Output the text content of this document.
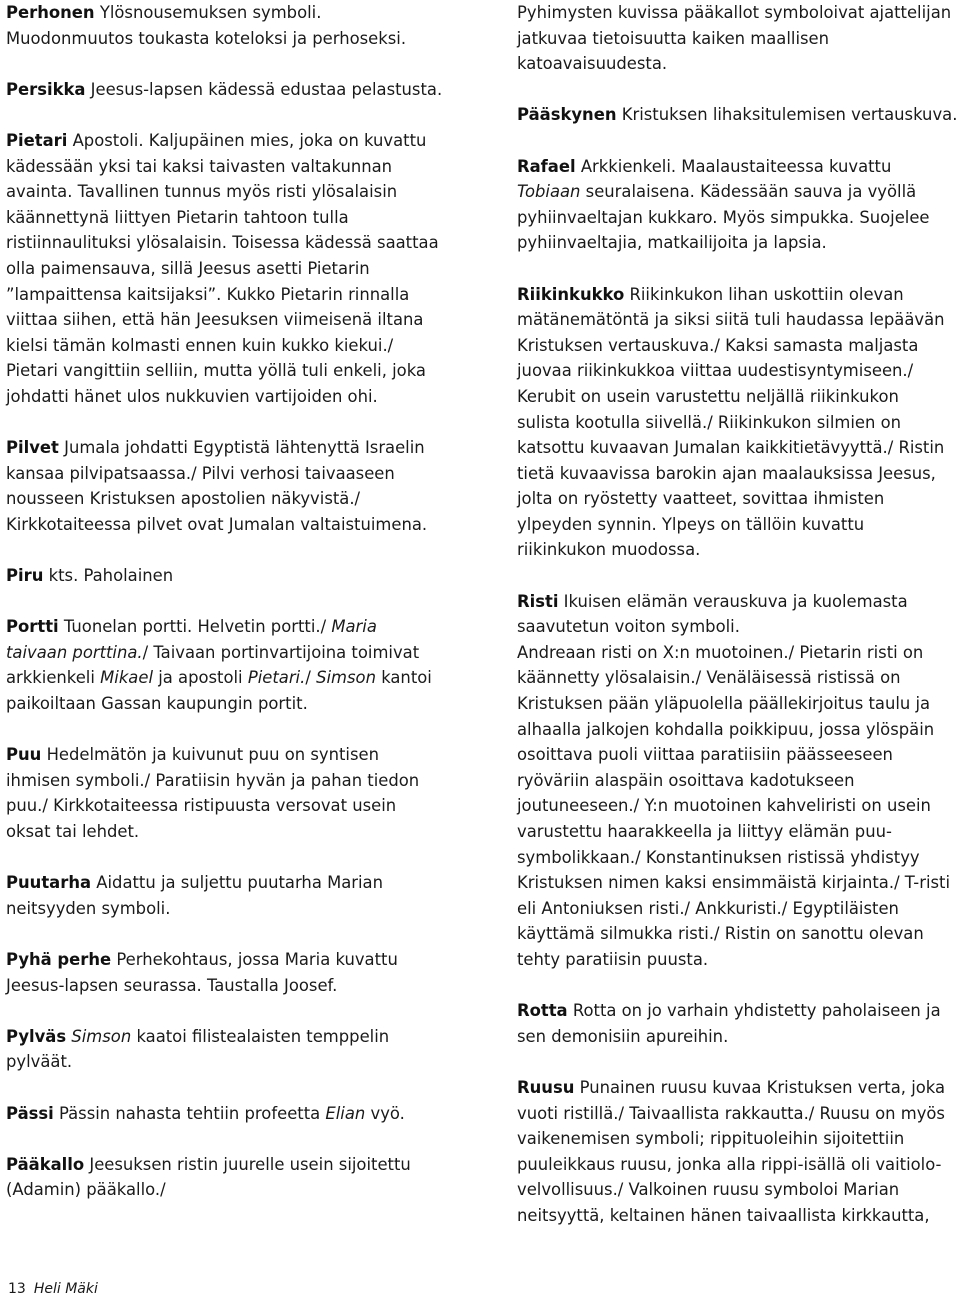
Perhonen Ylösnousemuksen symboli.

Muodonmuutos toukasta koteloksi ja perhoseksi.

Persikka Jeesus-lapsen kädessä edustaa pelastusta.

Pietari Apostoli. Kaljupäinen mies, joka on kuvattu

kädessään yksi tai kaksi taivasten valtakunnan

avainta. Tavallinen tunnus myös risti ylösalaisin

käännettynä liittyen Pietarin tahtoon tulla

ristiinnaulituksi ylösalaisin. Toisessa kädessä saattaa

olla paimensauva, sillä Jeesus asetti Pietarin

”lampaittensa kaitsijaksi”. Kukko Pietarin rinnalla

viittaa siihen, että hän Jeesuksen viimeisenä iltana

kielsi tämän kolmasti ennen kuin kukko kiekui./

Pietari vangittiin selliin, mutta yöllä tuli enkeli, joka

johdatti hänet ulos nukkuvien vartijoiden ohi.

Pilvet Jumala johdatti Egyptistä lähtenyttä Israelin

kansaa pilvipatsaassa./ Pilvi verhosi taivaaseen

nousseen Kristuksen apostolien näkyvistä./

Kirkkotaiteessa pilvet ovat Jumalan valtaistuimena.

Piru kts. Paholainen

Portti Tuonelan portti. Helvetin portti./ Maria

taivaan porttina./ Taivaan portinvartijoina toimivat

arkkienkeli Mikael ja apostoli Pietari./ Simson kantoi

paikoiltaan Gassan kaupungin portit.

Puu Hedelmätön ja kuivunut puu on syntisen

ihmisen symboli./ Paratiisin hyvän ja pahan tiedon

puu./ Kirkkotaiteessa ristipuusta versovat usein

oksat tai lehdet.

Puutarha Aidattu ja suljettu puutarha Marian

neitsyyden symboli.

Pyhä perhe Perhekohtaus, jossa Maria kuvattu

Jeesus-lapsen seurassa. Taustalla Joosef.

Pylväs Simson kaatoi filistealaisten temppelin

pylväät.

Pässi Pässin nahasta tehtiin profeetta Elian vyö.

Pääkallo Jeesuksen ristin juurelle usein sijoitettu

(Adamin) pääkallo./

Pyhimysten kuvissa pääkallot symboloivat ajattelijan

jatkuvaa tietoisuutta kaiken maallisen

katoavaisuudesta.

Pääskynen Kristuksen lihaksitulemisen vertauskuva.

Rafael Arkkienkeli. Maalaustaiteessa kuvattu

Tobiaan seuralaisena. Kädessään sauva ja vyöllä

pyhiinvaeltajan kukkaro. Myös simpukka. Suojelee

pyhiinvaeltajia, matkailijoita ja lapsia.

Riikinkukko Riikinkukon lihan uskottiin olevan

mätänemätöntä ja siksi siitä tuli haudassa lepäävän

Kristuksen vertauskuva./ Kaksi samasta maljasta

juovaa riikinkukkoa viittaa uudestisyntymiseen./

Kerubit on usein varustettu neljällä riikinkukon

sulista kootulla siivellä./ Riikinkukon silmien on

katsottu kuvaavan Jumalan kaikkitietävyyttä./ Ristin

tietä kuvaavissa barokin ajan maalauksissa Jeesus,

jolta on ryöstetty vaatteet, sovittaa ihmisten

ylpeyden synnin. Ylpeys on tällöin kuvattu

riikinkukon muodossa.

Risti Ikuisen elämän verauskuva ja kuolemasta

saavutetun voiton symboli.

Andreaan risti on X:n muotoinen./ Pietarin risti on

käännetty ylösalaisin./ Venäläisessä ristissä on

Kristuksen pään yläpuolella päällekirjoitus taulu ja

alhaalla jalkojen kohdalla poikkipuu, jossa ylöspäin

osoittava puoli viittaa paratiisiin päässeeseen

ryöväriin alaspäin osoittava kadotukseen

joutuneeseen./ Y:n muotoinen kahveliristi on usein

varustettu haarakkeella ja liittyy elämän puu-

symbolikkaan./ Konstantinuksen ristissä yhdistyy

Kristuksen nimen kaksi ensimmäistä kirjainta./ T-risti

eli Antoniuksen risti./ Ankkuristi./ Egyptiläisten

käyttämä silmukka risti./ Ristin on sanottu olevan

tehty paratiisin puusta.

Rotta Rotta on jo varhain yhdistetty paholaiseen ja

sen demonisiin apureihin.

Ruusu Punainen ruusu kuvaa Kristuksen verta, joka

vuoti ristillä./ Taivaallista rakkautta./ Ruusu on myös

vaikenemisen symboli; rippituoleihin sijoitettiin

puuleikkaus ruusu, jonka alla rippi-isällä oli vaitiolo-

velvollisuus./ Valkoinen ruusu symboloi Marian

neitsyyttä, keltainen hänen taivaallista kirkkautta,

13 Heli Mäki
